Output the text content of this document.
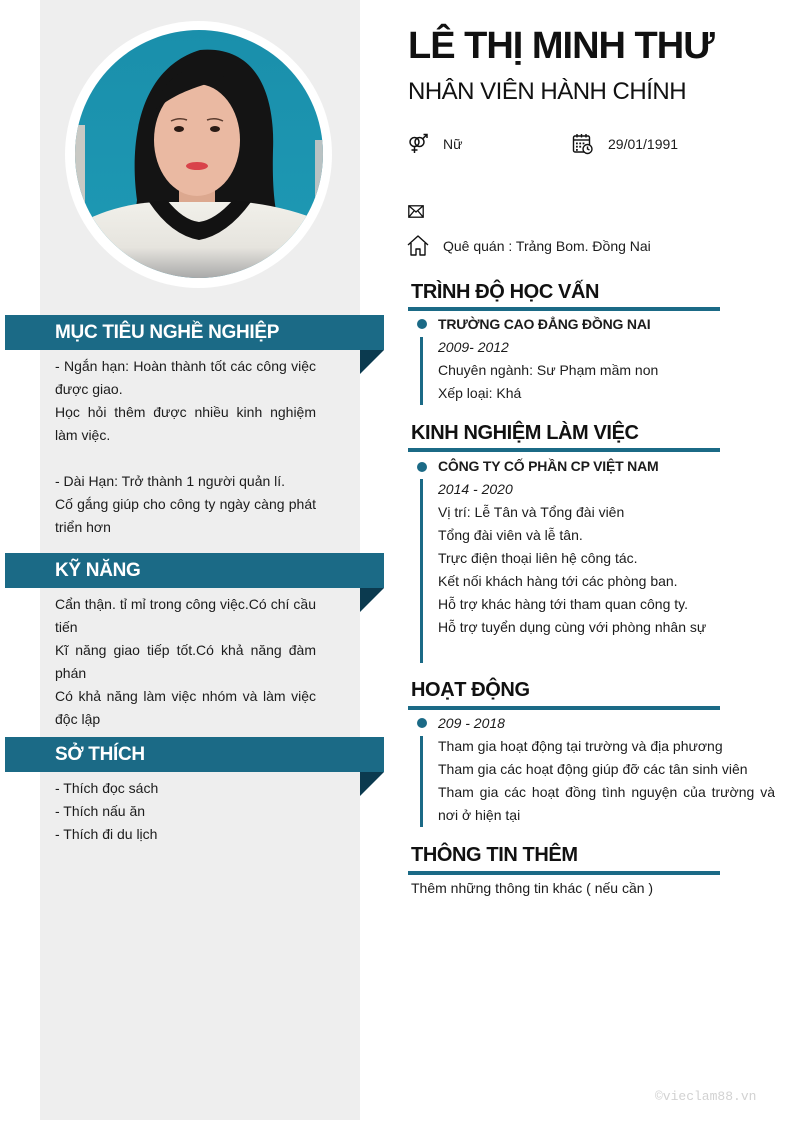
MỤC TIÊU NGHỀ NGHIỆP
- Ngắn hạn: Hoàn thành tốt các công việc
được giao.
Học hỏi thêm được nhiều kinh nghiệm
làm việc.
- Dài Hạn: Trở thành 1 người quản lí.
Cố gắng giúp cho công ty ngày càng phát
triển hơn
KỸ NĂNG
Cẩn thận. tỉ mỉ trong công việc.Có chí cầu
tiến
Kĩ năng giao tiếp tốt.Có khả năng đàm
phán
Có khả năng làm việc nhóm và làm việc
độc lập
SỞ THÍCH
- Thích đọc sách
- Thích nấu ăn
- Thích đi du lịch
LÊ THỊ MINH THƯ
NHÂN VIÊN HÀNH CHÍNH
Nữ	29/01/1991
Quê quán : Trảng Bom. Đồng Nai
TRÌNH ĐỘ HỌC VẤN
TRƯỜNG CAO ĐẲNG ĐỒNG NAI
2009- 2012
Chuyên ngành: Sư Phạm mầm non
Xếp loại: Khá
KINH NGHIỆM LÀM VIỆC
CÔNG TY CỐ PHẦN CP VIỆT NAM
2014 - 2020
Vị trí: Lễ Tân và Tổng đài viên
Tổng đài viên và lễ tân.
Trực điện thoại liên hệ công tác.
Kết nối khách hàng tới các phòng ban.
Hỗ trợ khác hàng tới tham quan công ty.
Hỗ trợ tuyển dụng cùng với phòng nhân sự
HOẠT ĐỘNG
209 - 2018
Tham gia hoạt động tại trường và địa phương
Tham gia các hoạt động giúp đỡ các tân sinh viên
Tham gia các hoạt đồng tình nguyện của trường và
nơi ở hiện tại
THÔNG TIN THÊM
Thêm những thông tin khác ( nếu cần )
©vieclam88.vn
